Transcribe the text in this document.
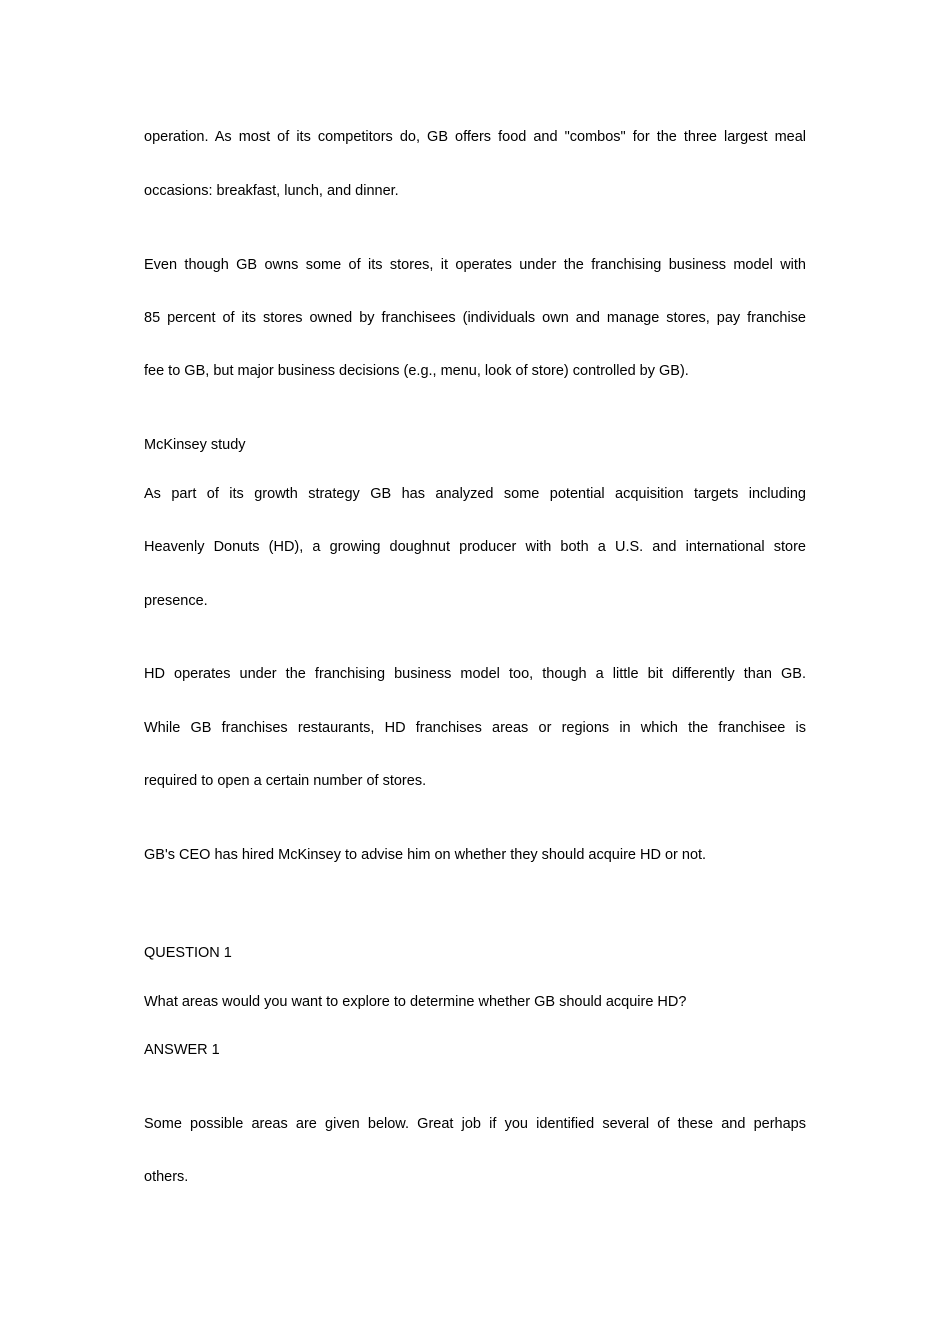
operation. As most of its competitors do, GB offers food and "combos" for the three largest meal
occasions: breakfast, lunch, and dinner.
Even though GB owns some of its stores, it operates under the franchising business model with
85 percent of its stores owned by franchisees (individuals own and manage stores, pay franchise
fee to GB, but major business decisions (e.g., menu, look of store) controlled by GB).
McKinsey study
As part of its growth strategy GB has analyzed some potential acquisition targets including
Heavenly Donuts (HD), a growing doughnut producer with both a U.S. and international store
presence.
HD operates under the franchising business model too, though a little bit differently than GB.
While GB franchises restaurants, HD franchises areas or regions in which the franchisee is
required to open a certain number of stores.
GB's CEO has hired McKinsey to advise him on whether they should acquire HD or not.
QUESTION 1
What areas would you want to explore to determine whether GB should acquire HD?
ANSWER 1
Some possible areas are given below. Great job if you identified several of these and perhaps
others.
